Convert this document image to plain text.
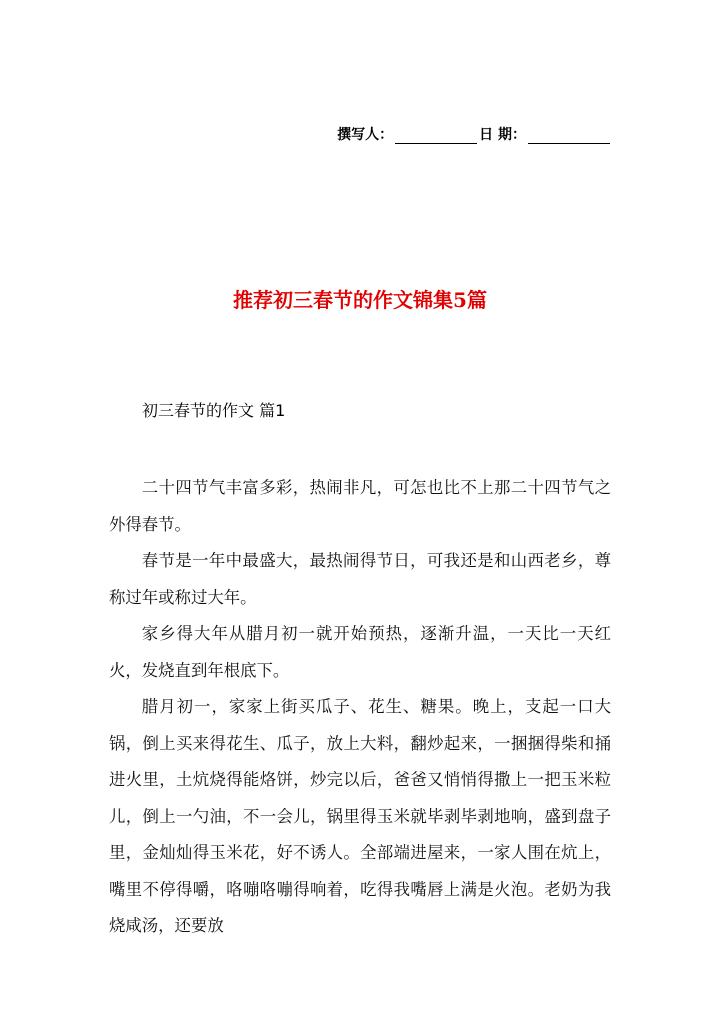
撰写人：	日 期：
推荐初三春节的作文锦集5篇
初三春节的作文 篇1

二十四节气丰富多彩，热闹非凡，可怎也比不上那二十四节气之外得春节。

春节是一年中最盛大，最热闹得节日，可我还是和山西老乡，尊称过年或称过大年。

家乡得大年从腊月初一就开始预热，逐渐升温，一天比一天红火，发烧直到年根底下。

腊月初一，家家上街买瓜子、花生、糖果。晚上，支起一口大锅，倒上买来得花生、瓜子，放上大料，翻炒起来，一捆捆得柴和捅进火里，土炕烧得能烙饼，炒完以后，爸爸又悄悄得撒上一把玉米粒儿，倒上一勺油，不一会儿，锅里得玉米就毕剥毕剥地响，盛到盘子里，金灿灿得玉米花，好不诱人。全部端进屋来，一家人围在炕上，嘴里不停得嚼，咯嘣咯嘣得响着，吃得我嘴唇上满是火泡。老奶为我烧咸汤，还要放
